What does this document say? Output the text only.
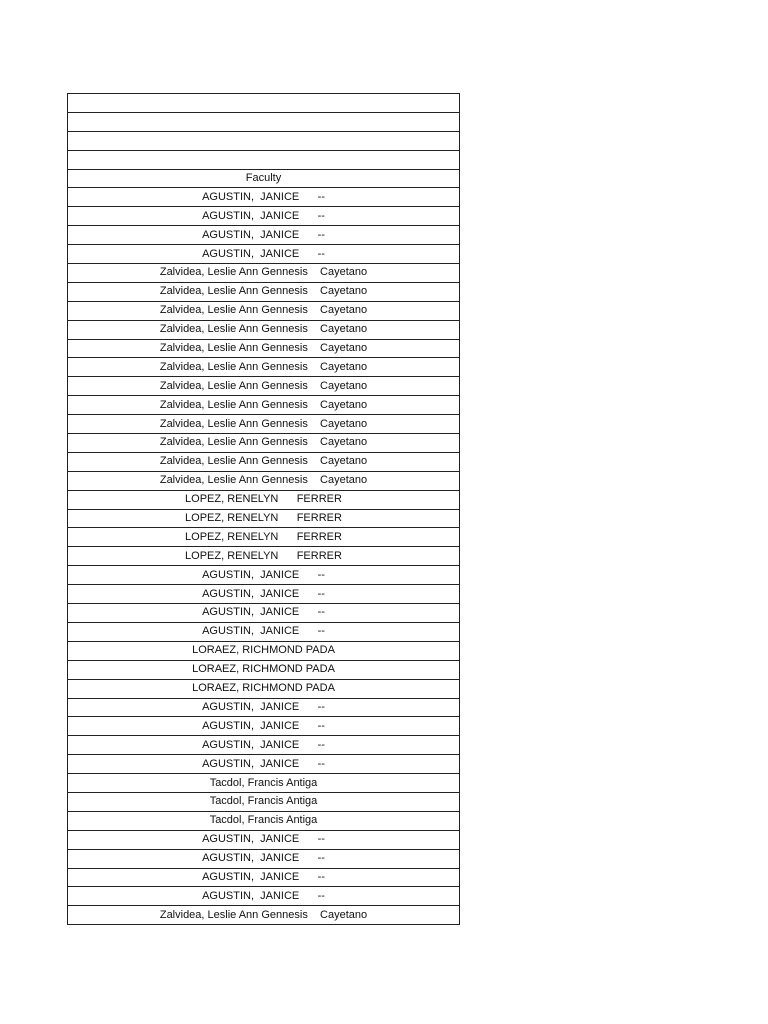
Faculty
AGUSTIN,  JANICE      --
AGUSTIN,  JANICE      --
AGUSTIN,  JANICE      --
AGUSTIN,  JANICE      --
Zalvidea, Leslie Ann Gennesis    Cayetano
Zalvidea, Leslie Ann Gennesis    Cayetano
Zalvidea, Leslie Ann Gennesis    Cayetano
Zalvidea, Leslie Ann Gennesis    Cayetano
Zalvidea, Leslie Ann Gennesis    Cayetano
Zalvidea, Leslie Ann Gennesis    Cayetano
Zalvidea, Leslie Ann Gennesis    Cayetano
Zalvidea, Leslie Ann Gennesis    Cayetano
Zalvidea, Leslie Ann Gennesis    Cayetano
Zalvidea, Leslie Ann Gennesis    Cayetano
Zalvidea, Leslie Ann Gennesis    Cayetano
Zalvidea, Leslie Ann Gennesis    Cayetano
LOPEZ, RENELYN      FERRER
LOPEZ, RENELYN      FERRER
LOPEZ, RENELYN      FERRER
LOPEZ, RENELYN      FERRER
AGUSTIN,  JANICE      --
AGUSTIN,  JANICE      --
AGUSTIN,  JANICE      --
AGUSTIN,  JANICE      --
LORAEZ, RICHMOND PADA
LORAEZ, RICHMOND PADA
LORAEZ, RICHMOND PADA
AGUSTIN,  JANICE      --
AGUSTIN,  JANICE      --
AGUSTIN,  JANICE      --
AGUSTIN,  JANICE      --
Tacdol, Francis Antiga
Tacdol, Francis Antiga
Tacdol, Francis Antiga
AGUSTIN,  JANICE      --
AGUSTIN,  JANICE      --
AGUSTIN,  JANICE      --
AGUSTIN,  JANICE      --
Zalvidea, Leslie Ann Gennesis    Cayetano
